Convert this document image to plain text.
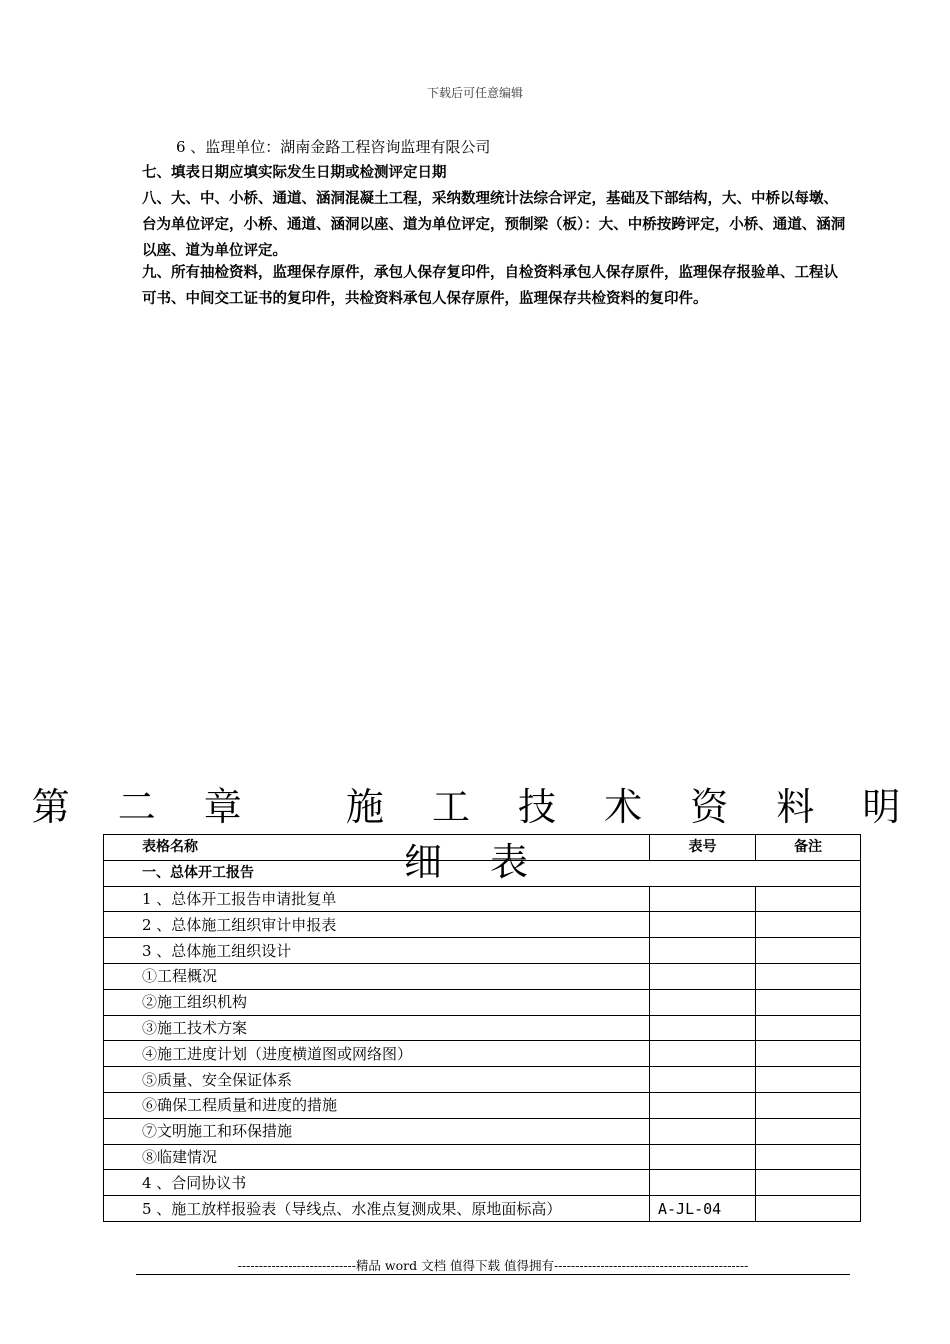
下载后可任意编辑
6 、监理单位：湖南金路工程咨询监理有限公司
七、填表日期应填实际发生日期或检测评定日期
八、大、中、小桥、通道、涵洞混凝土工程，采纳数理统计法综合评定，基础及下部结构，大、中桥以每墩、台为单位评定，小桥、通道、涵洞以座、道为单位评定，预制梁（板）：大、中桥按跨评定，小桥、通道、涵洞以座、道为单位评定。
九、所有抽检资料，监理保存原件，承包人保存复印件，自检资料承包人保存原件，监理保存报验单、工程认可书、中间交工证书的复印件，共检资料承包人保存原件，监理保存共检资料的复印件。
第 二 章　 施 工 技 术 资 料 明 细 表
表格名称	表号	备注
一、总体开工报告		
1 、总体开工报告申请批复单		
2 、总体施工组织审计申报表		
3 、总体施工组织设计		
①工程概况		
②施工组织机构		
③施工技术方案		
④施工进度计划（进度横道图或网络图）		
⑤质量、安全保证体系		
⑥确保工程质量和进度的措施		
⑦文明施工和环保措施		
⑧临建情况		
4 、合同协议书		
5 、施工放样报验表（导线点、水准点复测成果、原地面标高）	A-JL-04	
----------------------------精品 word 文档 值得下载 值得拥有----------------------------------------------
